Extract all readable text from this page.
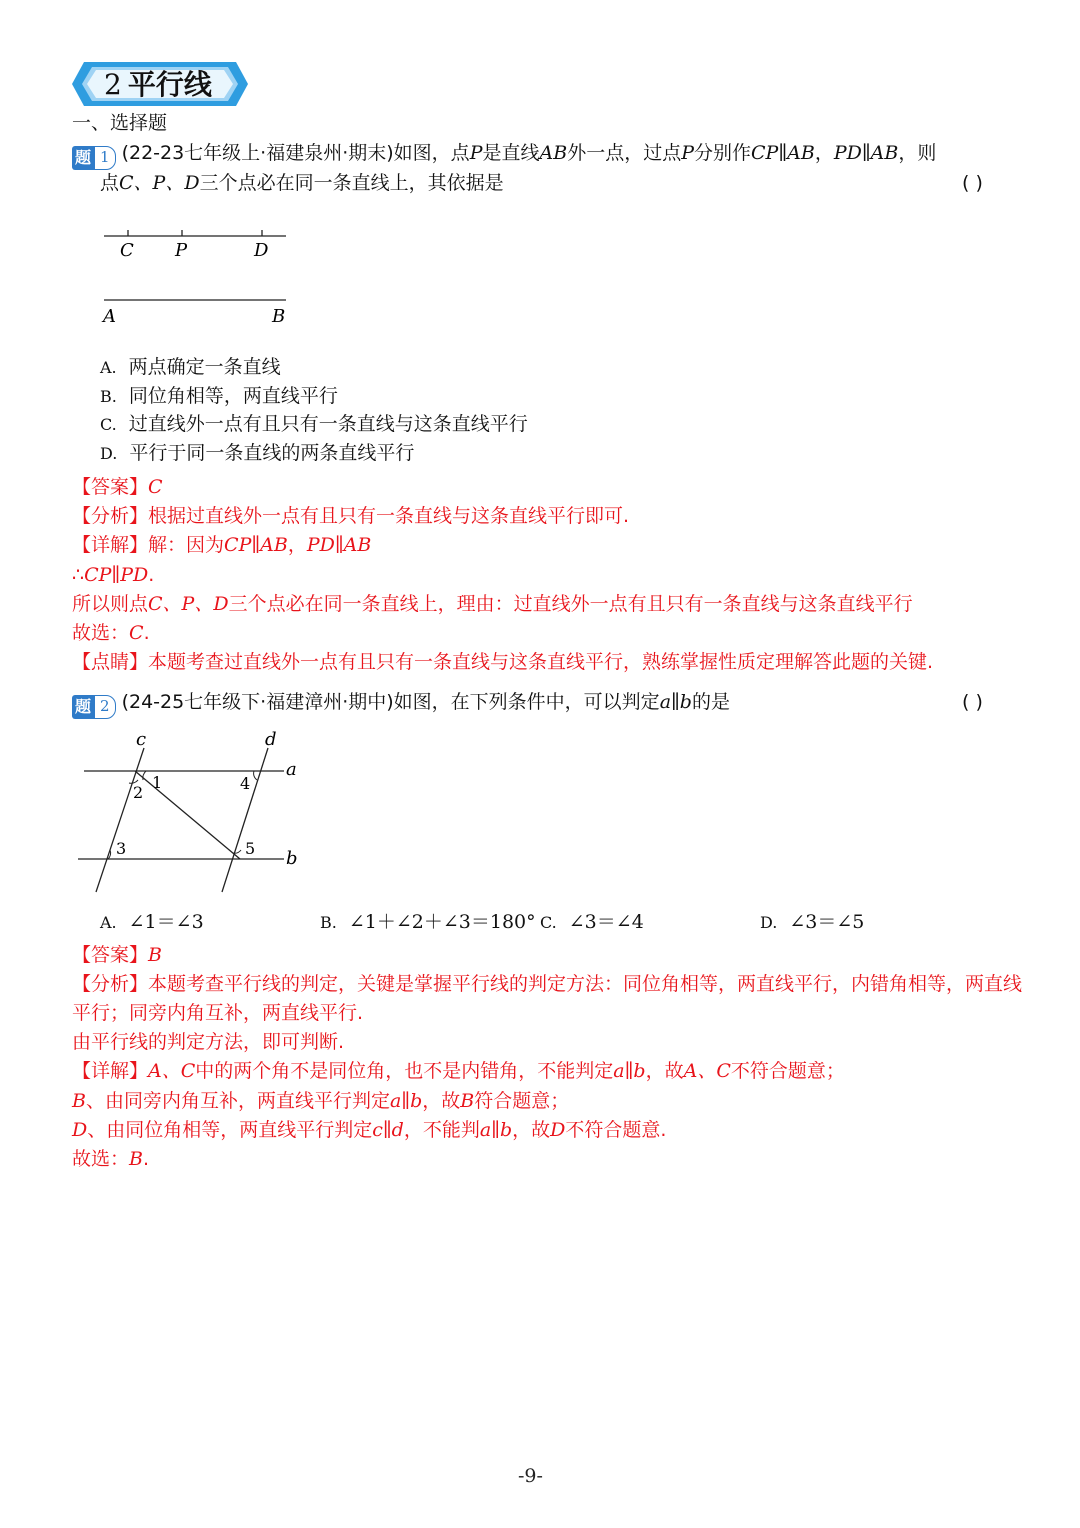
2 平行线
一、选择题
题 1 (22-23七年级上·福建泉州·期末)如图，点P是直线AB外一点，过点P分别作CP∥AB，PD∥AB，则
点C、P、D三个点必在同一条直线上，其依据是	( )
C P	D
A	B
A. 两点确定一条直线
B. 同位角相等，两直线平行
C. 过直线外一点有且只有一条直线与这条直线平行
D. 平行于同一条直线的两条直线平行
【答案】C
【分析】根据过直线外一点有且只有一条直线与这条直线平行即可.
【详解】解：因为CP∥AB，PD∥AB
∴CP∥PD.
所以则点C、P、D三个点必在同一条直线上，理由：过直线外一点有且只有一条直线与这条直线平行
故选：C.
【点睛】本题考查过直线外一点有且只有一条直线与这条直线平行，熟练掌握性质定理解答此题的关键.
题 2 (24-25七年级下·福建漳州·期中)如图，在下列条件中，可以判定a∥b的是	( )
c	d
a
b
1
2
3
4
5
A. ∠1＝∠3	B. ∠1＋∠2＋∠3＝180° C. ∠3＝∠4	D. ∠3＝∠5
【答案】B
【分析】本题考查平行线的判定，关键是掌握平行线的判定方法：同位角相等，两直线平行，内错角相等，两直线
平行；同旁内角互补，两直线平行.
由平行线的判定方法，即可判断.
【详解】A、C中的两个角不是同位角，也不是内错角，不能判定a∥b，故A、C不符合题意；
B、由同旁内角互补，两直线平行判定a∥b，故B符合题意；
D、由同位角相等，两直线平行判定c∥d，不能判a∥b，故D不符合题意.
故选：B.
-9-
